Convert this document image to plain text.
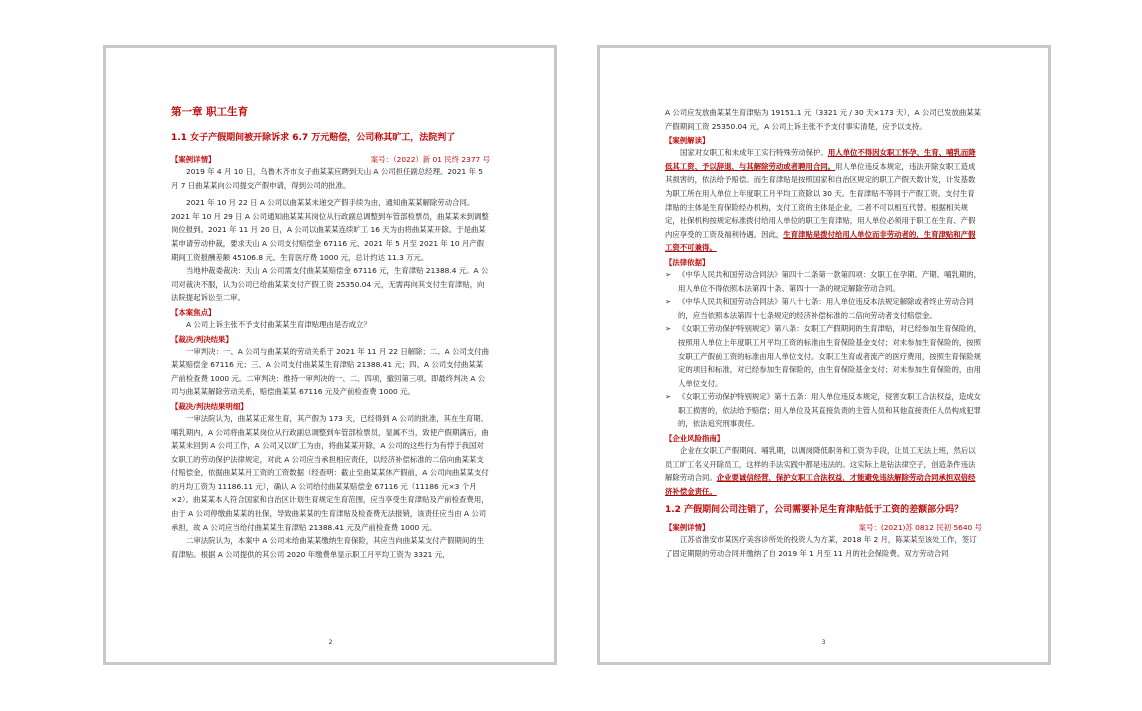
第一章 职工生育
1.1 女子产假期间被开除诉求 6.7 万元赔偿，公司称其旷工，法院判了
【案例详情】	案号：（2022）新 01 民终 2377 号

2019 年 4 月 10 日，乌鲁木齐市女子曲某某应聘到天山 A 公司担任副总经理。2021 年 5 月 7 日曲某某向公司提交产假申请，得到公司的批准。

2021 年 10 月 22 日 A 公司以曲某某未递交产假手续为由，通知曲某某解除劳动合同。2021 年 10 月 29 日 A 公司通知曲某某其岗位从行政副总调整到车管部检票员，曲某某未到调整岗位报到。2021 年 11 月 20 日，A 公司以曲某某连续旷工 16 天为由将曲某某开除。于是曲某某申请劳动仲裁，要求天山 A 公司支付赔偿金 67116 元、2021 年 5 月至 2021 年 10 月产假期间工资报酬差额 45106.8 元、生育医疗费 1000 元，总计约达 11.3 万元。

当地仲裁委裁决：天山 A 公司需支付曲某某赔偿金 67116 元，生育津贴 21388.4 元。A 公司对裁决不服，认为公司已给曲某某支付产假工资 25350.04 元，无需再向其支付生育津贴，向法院提起诉讼至二审。

【本案焦点】

A 公司上诉主张不予支付曲某某生育津贴理由是否成立？

【裁决/判决结果】

一审判决：一、A 公司与曲某某的劳动关系于 2021 年 11 月 22 日解除；二、A 公司支付曲某某赔偿金 67116 元；三、A 公司支付曲某某生育津贴 21388.41 元；四、A 公司支付曲某某产前检查费 1000 元。二审判决：维持一审判决的一、二、四项，撤回第三项。即最终判决 A 公司与曲某某解除劳动关系，赔偿曲某某 67116 元及产前检查费 1000 元。

【裁决/判决结果明细】

一审法院认为，曲某某正常生育，其产假为 173 天，已经得到 A 公司的批准，其在生育期、哺乳期内，A 公司将曲某某岗位从行政副总调整到车管部检票员，显属不当，致使产假期满后，曲某某未回到 A 公司工作，A 公司又以旷工为由，将曲某某开除，A 公司的这些行为有悖于我国对女职工的劳动保护法律规定，对此 A 公司应当承担相应责任，以经济补偿标准的二倍向曲某某支付赔偿金，依据曲某某月工资的工资数据（经查明：截止至曲某某休产假前，A 公司向曲某某支付的月均工资为 11186.11 元），确认 A 公司给付曲某某赔偿金 67116 元（11186 元×3 个月×2）。曲某某本人符合国家和自治区计划生育规定生育范围，应当享受生育津贴及产前检查费用，由于 A 公司停缴曲某某的社保，导致曲某某的生育津贴及检查费无法报销，该责任应当由 A 公司承担，故 A 公司应当给付曲某某生育津贴 21388.41 元及产前检查费 1000 元。

二审法院认为，本案中 A 公司未给曲某某缴纳生育保险，其应当向曲某某支付产假期间的生育津贴。根据 A 公司提供的其公司 2020 年缴费单显示职工月平均工资为 3321 元，

2

A 公司应发放曲某某生育津贴为 19151.1 元（3321 元 / 30 天×173 天），A 公司已发放曲某某产假期间工资 25350.04 元，A 公司上诉主张不予支付事实清楚，应予以支持。

【案例解读】

国家对女职工和未成年工实行特殊劳动保护。用人单位不得因女职工怀孕、生育、哺乳而降低其工资、予以辞退、与其解除劳动或者聘用合同。用人单位违反本规定，违法开除女职工造成其损害的，依法给予赔偿。而生育津贴是按照国家和自治区规定的职工产假天数计发，计发基数为职工所在用人单位上年度职工月平均工资除以 30 天。生育津贴不等同于产假工资。支付生育津贴的主体是生育保险经办机构，支付工资的主体是企业，二者不可以相互代替。根据相关规定，社保机构按规定标准拨付给用人单位的职工生育津贴，用人单位必须用于职工在生育、产假内应享受的工资及福利待遇。因此，生育津贴是拨付给用人单位而非劳动者的，生育津贴和产假工资不可兼得。

【法律依据】
➢ 《中华人民共和国劳动合同法》第四十二条第一款第四项：女职工在孕期、产期、哺乳期的，用人单位不得依照本法第四十条、第四十一条的规定解除劳动合同。
➢ 《中华人民共和国劳动合同法》第八十七条：用人单位违反本法规定解除或者终止劳动合同的，应当依照本法第四十七条规定的经济补偿标准的二倍向劳动者支付赔偿金。
➢ 《女职工劳动保护特别规定》第八条：女职工产假期间的生育津贴，对已经参加生育保险的，按照用人单位上年度职工月平均工资的标准由生育保险基金支付；对未参加生育保险的，按照女职工产假前工资的标准由用人单位支付。女职工生育或者流产的医疗费用，按照生育保险规定的项目和标准，对已经参加生育保险的，由生育保险基金支付；对未参加生育保险的，由用人单位支付。
➢ 《女职工劳动保护特别规定》第十五条：用人单位违反本规定，侵害女职工合法权益，造成女职工损害的，依法给予赔偿；用人单位及其直接负责的主管人员和其他直接责任人员构成犯罪的，依法追究刑事责任。
【企业风险指南】

企业在女职工产假期间、哺乳期，以调岗降低职务和工资为手段，让员工无法上班，然后以员工旷工名义开除员工，这样的手法实践中都是违法的。这实际上是钻法律空子，创造条件违法解除劳动合同。企业要诚信经营，保护女职工合法权益，才能避免违法解除劳动合同承担双倍经济补偿金责任。

1.2 产假期间公司注销了，公司需要补足生育津贴低于工资的差额部分吗？
【案例详情】	案号：(2021)苏 0812 民初 5640 号

江苏省淮安市某医疗美容诊所处的投资人为方某，2018 年 2 月，陈某某至该处工作，签订了固定期限的劳动合同并缴纳了自 2019 年 1 月至 11 月的社会保险费。双方劳动合同

3
